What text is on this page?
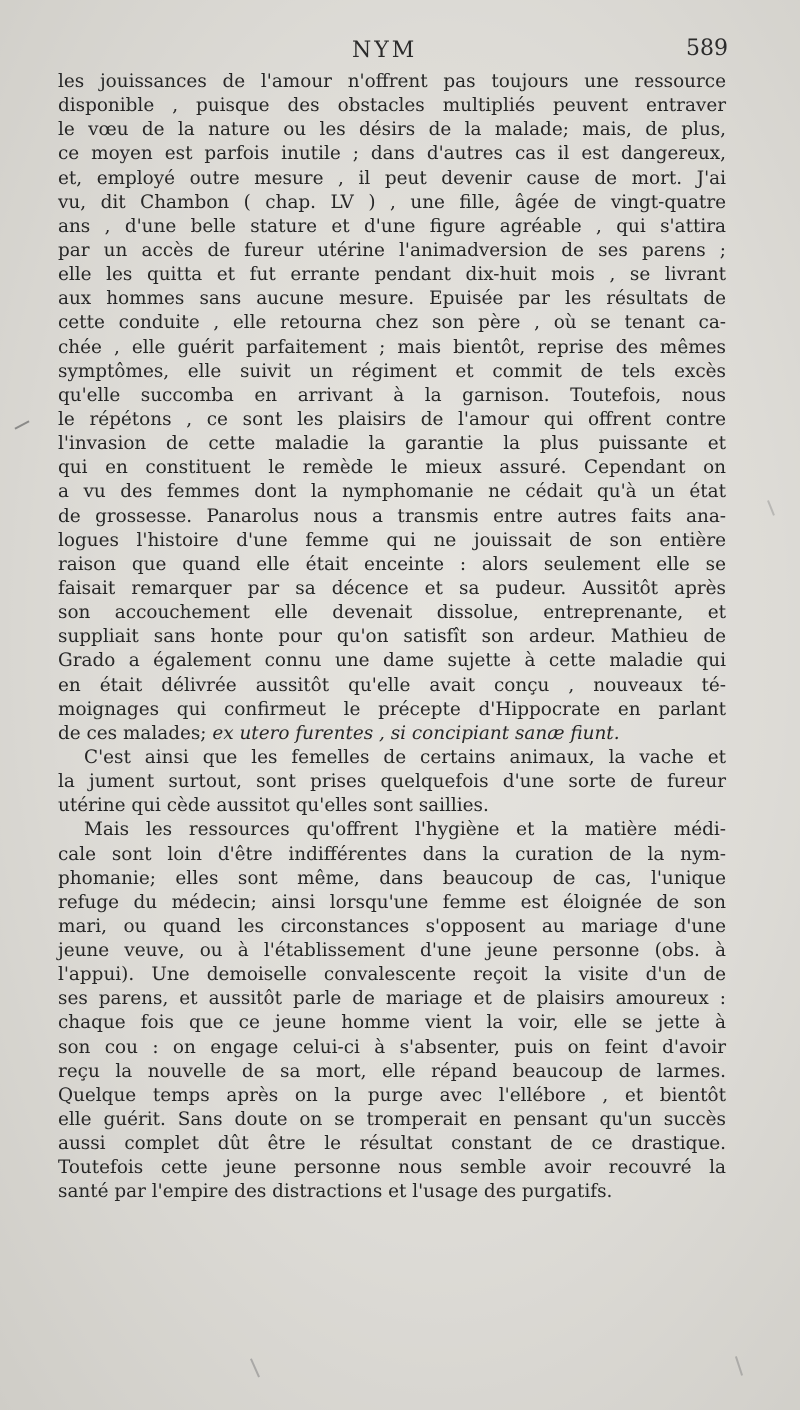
NYM	589
les jouissances de l'amour n'offrent pas toujours une ressource
disponible , puisque des obstacles multipliés peuvent entraver
le vœu de la nature ou les désirs de la malade; mais, de plus,
ce moyen est parfois inutile ; dans d'autres cas il est dangereux,
et, employé outre mesure , il peut devenir cause de mort. J'ai
vu, dit Chambon ( chap. LV ) , une fille, âgée de vingt-quatre
ans , d'une belle stature et d'une figure agréable , qui s'attira
par un accès de fureur utérine l'animadversion de ses parens ;
elle les quitta et fut errante pendant dix-huit mois , se livrant
aux hommes sans aucune mesure. Epuisée par les résultats de
cette conduite , elle retourna chez son père , où se tenant ca-
chée , elle guérit parfaitement ; mais bientôt, reprise des mêmes
symptômes, elle suivit un régiment et commit de tels excès
qu'elle succomba en arrivant à la garnison. Toutefois, nous
le répétons , ce sont les plaisirs de l'amour qui offrent contre
l'invasion de cette maladie la garantie la plus puissante et
qui en constituent le remède le mieux assuré. Cependant on
a vu des femmes dont la nymphomanie ne cédait qu'à un état
de grossesse. Panarolus nous a transmis entre autres faits ana-
logues l'histoire d'une femme qui ne jouissait de son entière
raison que quand elle était enceinte : alors seulement elle se
faisait remarquer par sa décence et sa pudeur. Aussitôt après
son accouchement elle devenait dissolue, entreprenante, et
suppliait sans honte pour qu'on satisfît son ardeur. Mathieu de
Grado a également connu une dame sujette à cette maladie qui
en était délivrée aussitôt qu'elle avait conçu , nouveaux té-
moignages qui confirmeut le précepte d'Hippocrate en parlant
de ces malades; ex utero furentes , si concipiant sanæ fiunt.
C'est ainsi que les femelles de certains animaux, la vache et
la jument surtout, sont prises quelquefois d'une sorte de fureur
utérine qui cède aussitot qu'elles sont saillies.
Mais les ressources qu'offrent l'hygiène et la matière médi-
cale sont loin d'être indifférentes dans la curation de la nym-
phomanie; elles sont même, dans beaucoup de cas, l'unique
refuge du médecin; ainsi lorsqu'une femme est éloignée de son
mari, ou quand les circonstances s'opposent au mariage d'une
jeune veuve, ou à l'établissement d'une jeune personne (obs. à
l'appui). Une demoiselle convalescente reçoit la visite d'un de
ses parens, et aussitôt parle de mariage et de plaisirs amoureux :
chaque fois que ce jeune homme vient la voir, elle se jette à
son cou : on engage celui-ci à s'absenter, puis on feint d'avoir
reçu la nouvelle de sa mort, elle répand beaucoup de larmes.
Quelque temps après on la purge avec l'ellébore , et bientôt
elle guérit. Sans doute on se tromperait en pensant qu'un succès
aussi complet dût être le résultat constant de ce drastique.
Toutefois cette jeune personne nous semble avoir recouvré la
santé par l'empire des distractions et l'usage des purgatifs.
